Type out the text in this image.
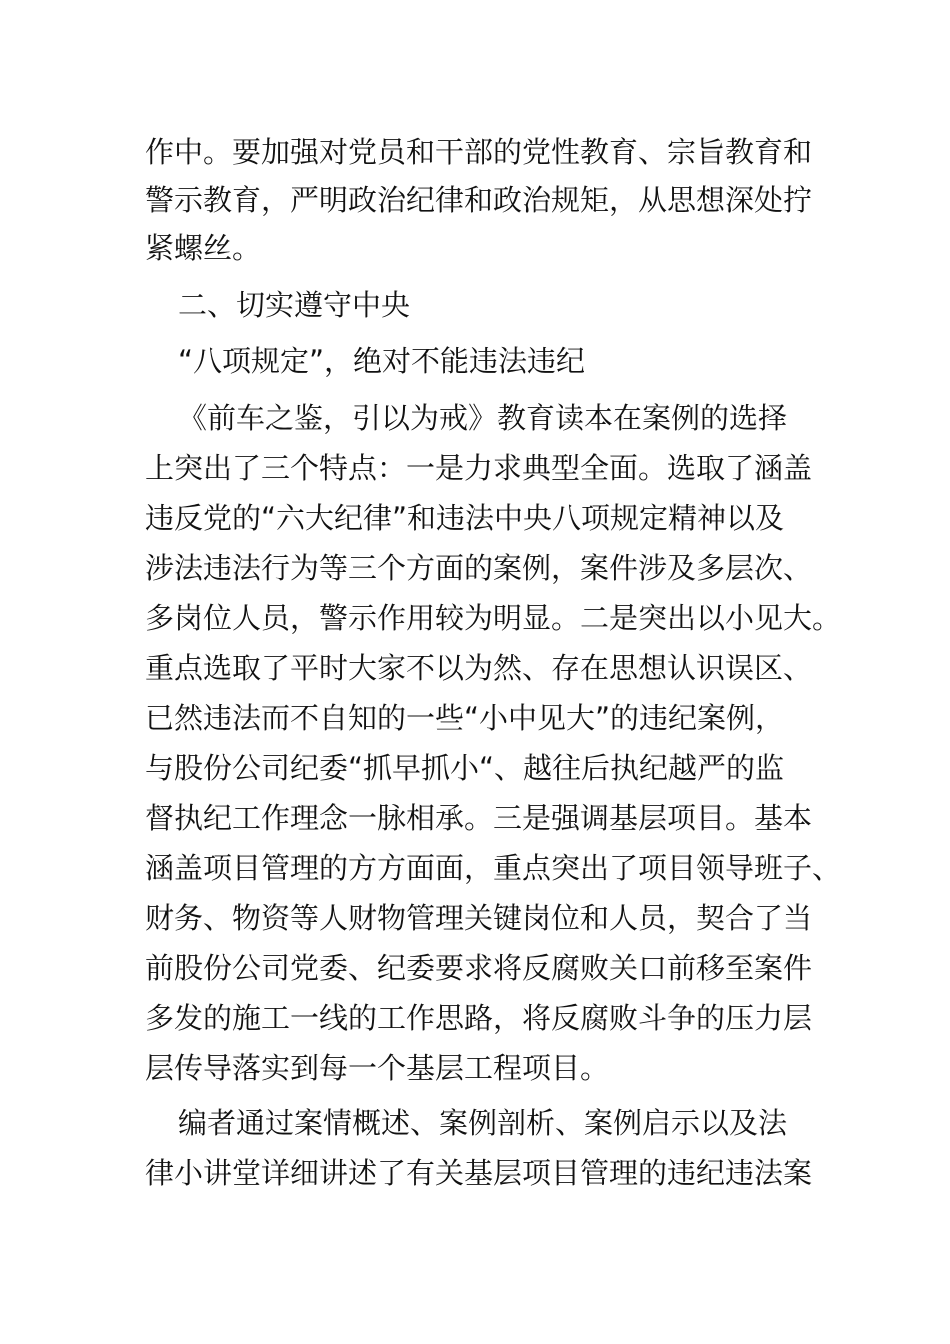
作中。要加强对党员和干部的党性教育、宗旨教育和

警示教育，严明政治纪律和政治规矩，从思想深处拧

紧螺丝。

二、切实遵守中央

“八项规定”，绝对不能违法违纪

《前车之鉴，引以为戒》教育读本在案例的选择

上突出了三个特点：一是力求典型全面。选取了涵盖

违反党的“六大纪律”和违法中央八项规定精神以及

涉法违法行为等三个方面的案例，案件涉及多层次、

多岗位人员，警示作用较为明显。二是突出以小见大。

重点选取了平时大家不以为然、存在思想认识误区、

已然违法而不自知的一些“小中见大”的违纪案例，

与股份公司纪委“抓早抓小“、越往后执纪越严的监

督执纪工作理念一脉相承。三是强调基层项目。基本

涵盖项目管理的方方面面，重点突出了项目领导班子、

财务、物资等人财物管理关键岗位和人员，契合了当

前股份公司党委、纪委要求将反腐败关口前移至案件

多发的施工一线的工作思路，将反腐败斗争的压力层

层传导落实到每一个基层工程项目。

编者通过案情概述、案例剖析、案例启示以及法

律小讲堂详细讲述了有关基层项目管理的违纪违法案
